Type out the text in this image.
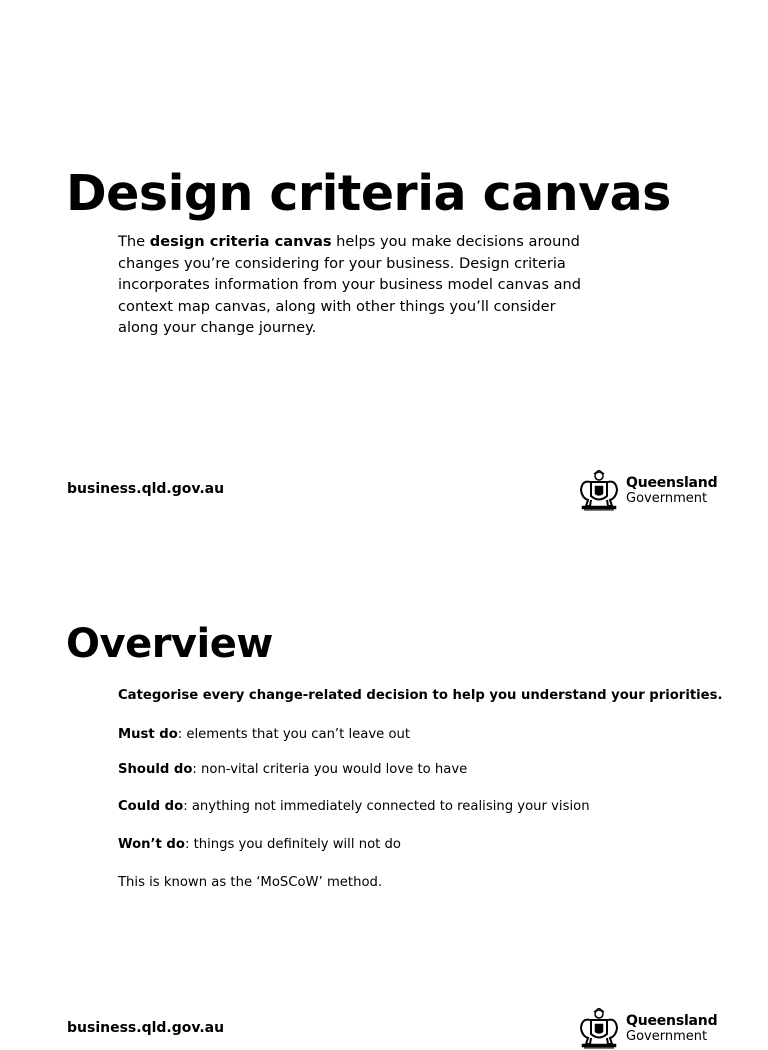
Design criteria canvas

The design criteria canvas helps you make decisions around changes you’re considering for your business. Design criteria incorporates information from your business model canvas and context map canvas, along with other things you’ll consider along your change journey.

business.qld.gov.au	Queensland
Government
Overview

Categorise every change-related decision to help you understand your priorities.

Must do: elements that you can’t leave out

Should do: non-vital criteria you would love to have

Could do: anything not immediately connected to realising your vision

Won’t do: things you definitely will not do

This is known as the ‘MoSCoW’ method.

business.qld.gov.au	Queensland
Government
